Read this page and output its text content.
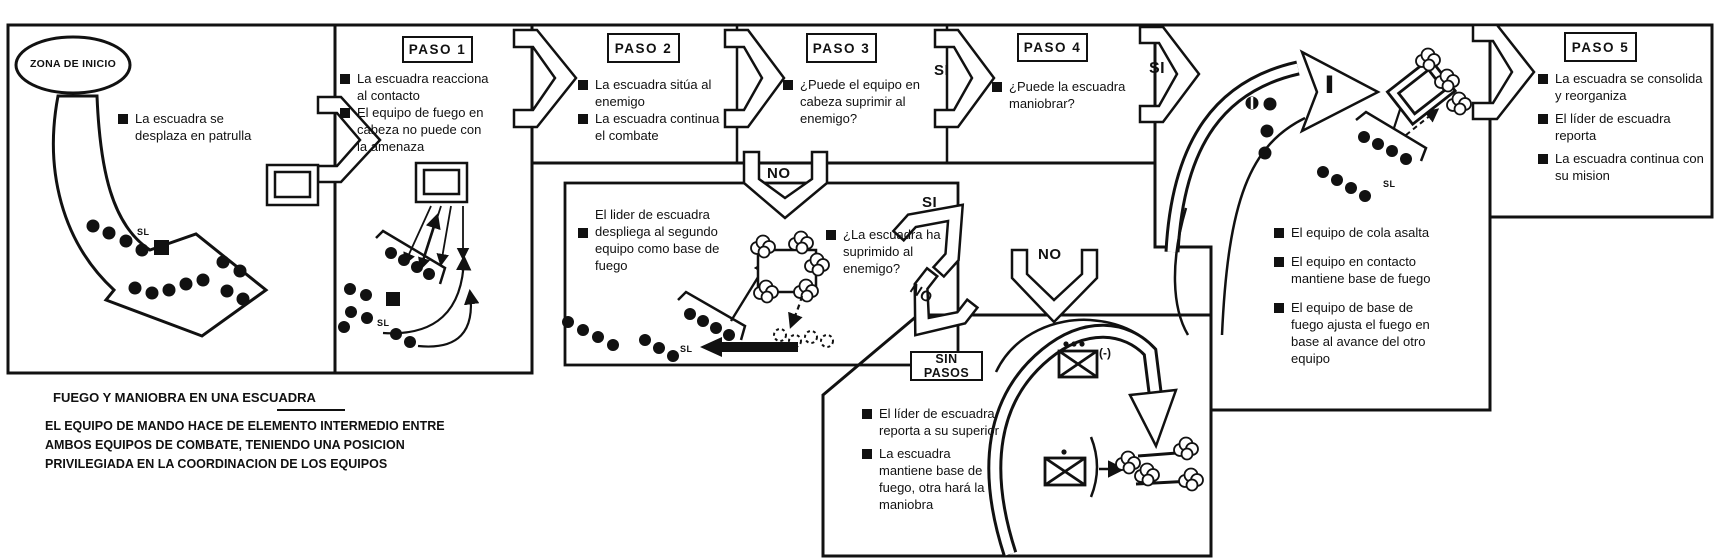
ZONA DE INICIO
La escuadra se desplaza en patrulla
PASO 1
La escuadra reacciona al contacto
El equipo de fuego en cabeza no puede con la amenaza
PASO 2
La escuadra sitúa al enemigo
La escuadra continua el combate
PASO 3
¿Puede el equipo en cabeza suprimir al enemigo?
PASO 4
¿Puede la escuadra maniobrar?
PASO 5
La escuadra se consolida y reorganiza
El líder de escuadra reporta
La escuadra continua con su mision
El lider de escuadra despliega al segundo equipo como base de fuego
¿La escuadra ha suprimido al enemigo?
SIN PASOS
El líder de escuadra reporta a su superior
La escuadra mantiene base de fuego, otra hará la maniobra
El equipo de cola asalta
El equipo en contacto mantiene base de fuego
El equipo de base de fuego ajusta el fuego en base al avance del otro equipo
SI	SI
SI
NO
NO
NO
SL
SL
SL
SL
(-)
I
FUEGO Y MANIOBRA EN UNA ESCUADRA
EL EQUIPO DE MANDO HACE DE ELEMENTO INTERMEDIO ENTRE
AMBOS EQUIPOS DE COMBATE, TENIENDO UNA POSICION
PRIVILEGIADA EN LA COORDINACION DE LOS EQUIPOS
